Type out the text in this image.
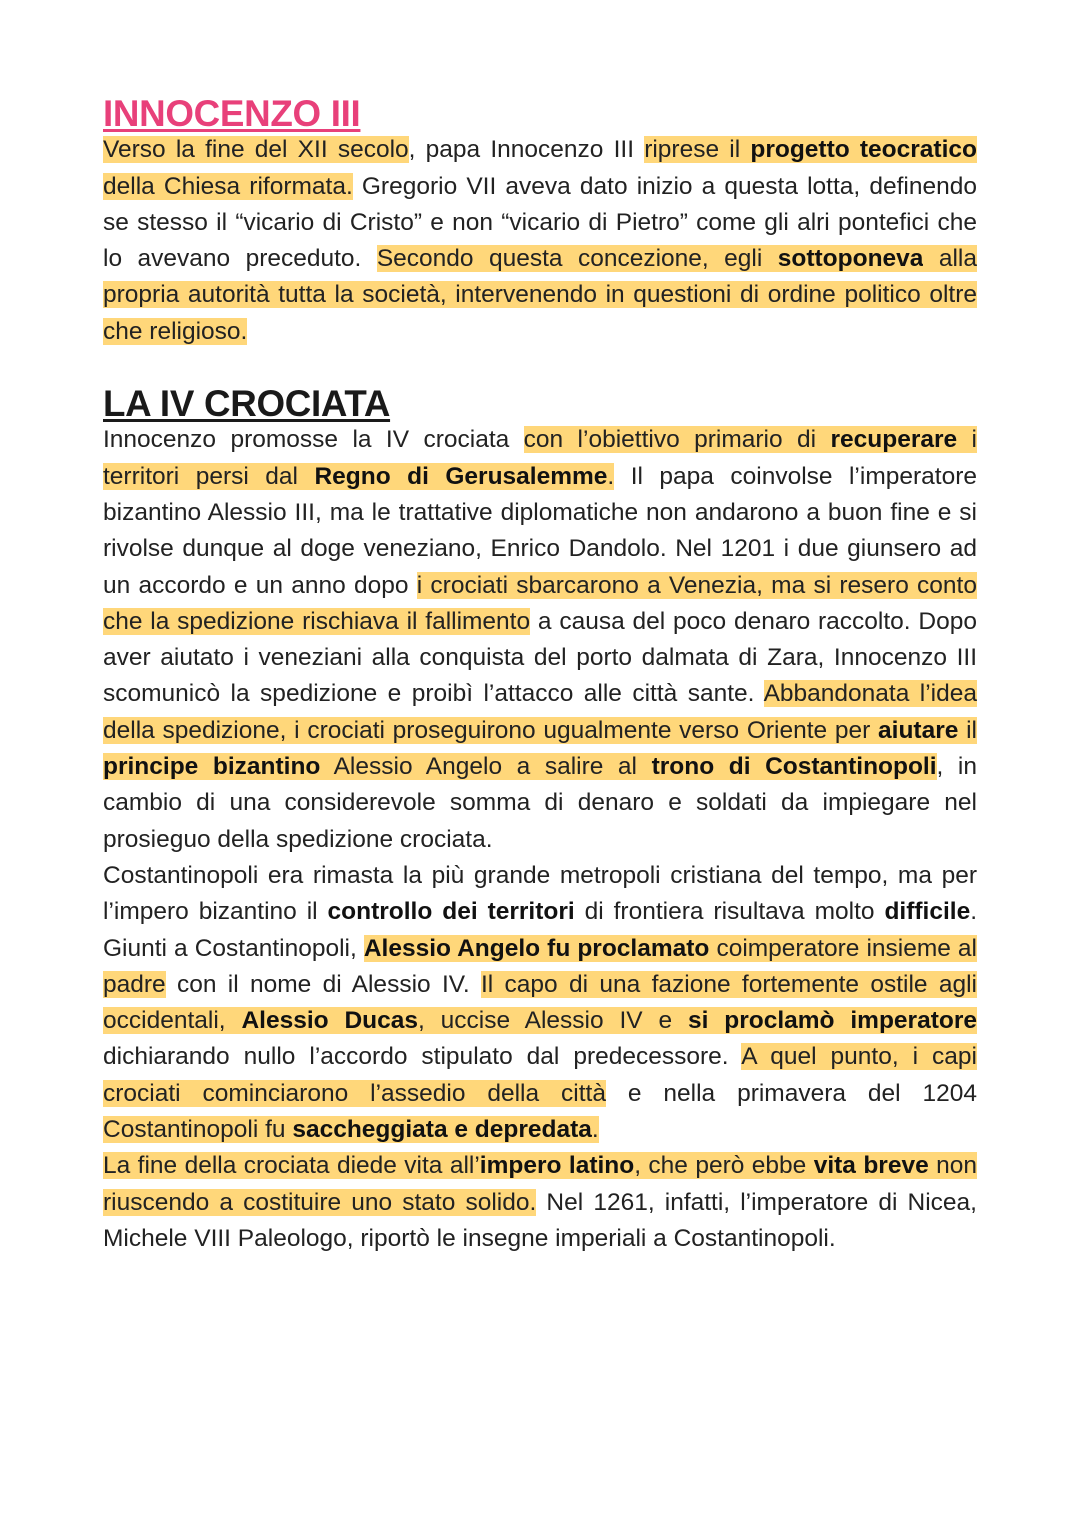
INNOCENZO III

Verso la fine del XII secolo, papa Innocenzo III riprese il progetto teocratico della Chiesa riformata. Gregorio VII aveva dato inizio a questa lotta, definendo se stesso il “vicario di Cristo” e non “vicario di Pietro” come gli alri pontefici che lo avevano preceduto. Secondo questa concezione, egli sottoponeva alla propria autorità tutta la società, intervenendo in questioni di ordine politico oltre che religioso.

LA IV CROCIATA

Innocenzo promosse la IV crociata con l’obiettivo primario di recuperare i territori persi dal Regno di Gerusalemme. Il papa coinvolse l’imperatore bizantino Alessio III, ma le trattative diplomatiche non andarono a buon fine e si rivolse dunque al doge veneziano, Enrico Dandolo. Nel 1201 i due giunsero ad un accordo e un anno dopo i crociati sbarcarono a Venezia, ma si resero conto che la spedizione rischiava il fallimento a causa del poco denaro raccolto. Dopo aver aiutato i veneziani alla conquista del porto dalmata di Zara, Innocenzo III scomunicò la spedizione e proibì l’attacco alle città sante. Abbandonata l’idea della spedizione, i crociati proseguirono ugualmente verso Oriente per aiutare il principe bizantino Alessio Angelo a salire al trono di Costantinopoli, in cambio di una considerevole somma di denaro e soldati da impiegare nel prosieguo della spedizione crociata.

Costantinopoli era rimasta la più grande metropoli cristiana del tempo, ma per l’impero bizantino il controllo dei territori di frontiera risultava molto difficile. Giunti a Costantinopoli, Alessio Angelo fu proclamato coimperatore insieme al padre con il nome di Alessio IV. Il capo di una fazione fortemente ostile agli occidentali, Alessio Ducas, uccise Alessio IV e si proclamò imperatore dichiarando nullo l’accordo stipulato dal predecessore. A quel punto, i capi crociati cominciarono l’assedio della città e nella primavera del 1204 Costantinopoli fu saccheggiata e depredata.

La fine della crociata diede vita all’impero latino, che però ebbe vita breve non riuscendo a costituire uno stato solido. Nel 1261, infatti, l’imperatore di Nicea, Michele VIII Paleologo, riportò le insegne imperiali a Costantinopoli.
